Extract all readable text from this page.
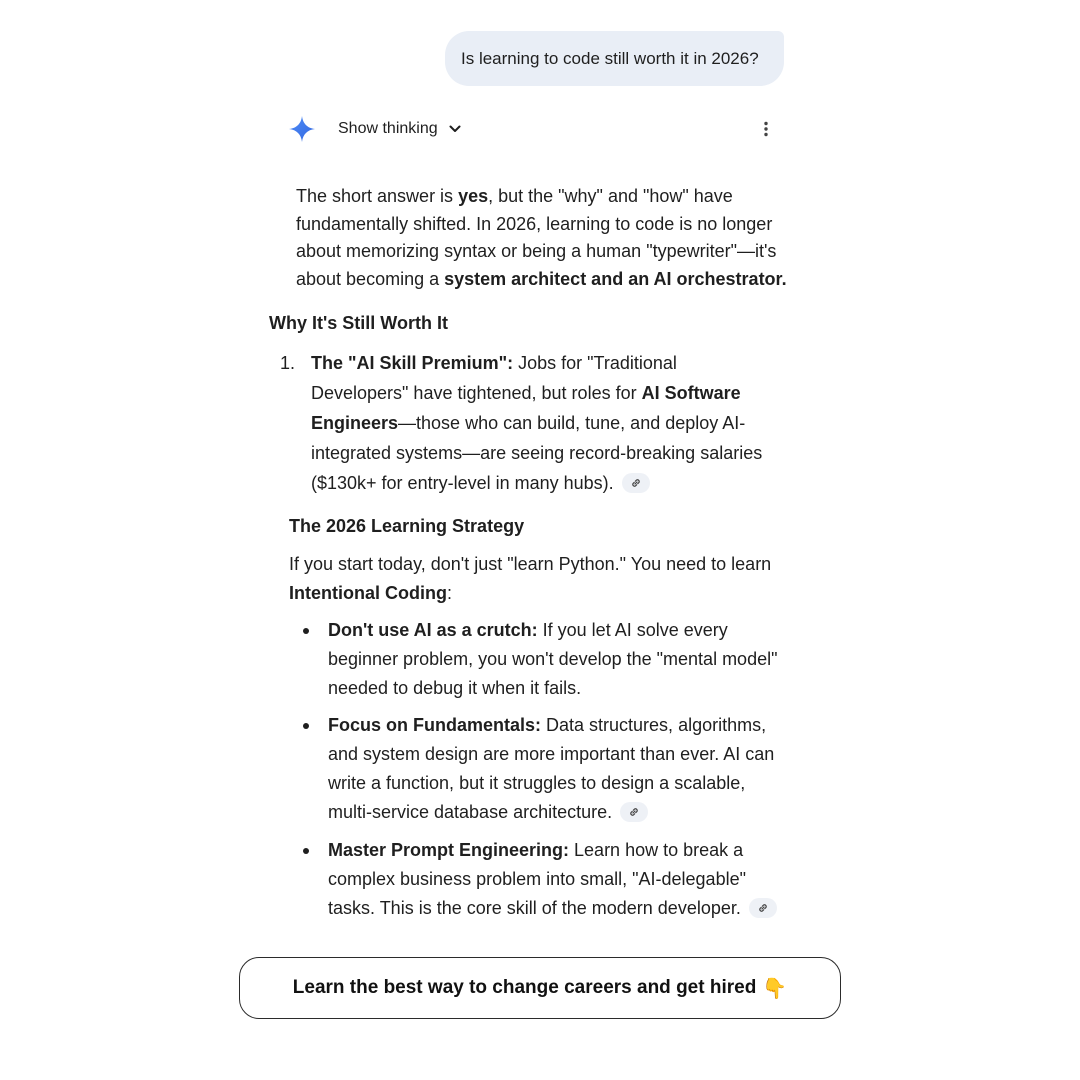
Is learning to code still worth it in 2026?
Show thinking
The short answer is yes, but the "why" and "how" have
fundamentally shifted. In 2026, learning to code is no longer
about memorizing syntax or being a human "typewriter"—it's
about becoming a system architect and an AI orchestrator.
Why It's Still Worth It
1. The "AI Skill Premium": Jobs for "Traditional
Developers" have tightened, but roles for AI Software
Engineers—those who can build, tune, and deploy AI-
integrated systems—are seeing record-breaking salaries
($130k+ for entry-level in many hubs).
The 2026 Learning Strategy
If you start today, don't just "learn Python." You need to learn
Intentional Coding:
Don't use AI as a crutch: If you let AI solve every
beginner problem, you won't develop the "mental model"
needed to debug it when it fails.
Focus on Fundamentals: Data structures, algorithms,
and system design are more important than ever. AI can
write a function, but it struggles to design a scalable,
multi-service database architecture.
Master Prompt Engineering: Learn how to break a
complex business problem into small, "AI-delegable"
tasks. This is the core skill of the modern developer.
Learn the best way to change careers and get hired 👇
